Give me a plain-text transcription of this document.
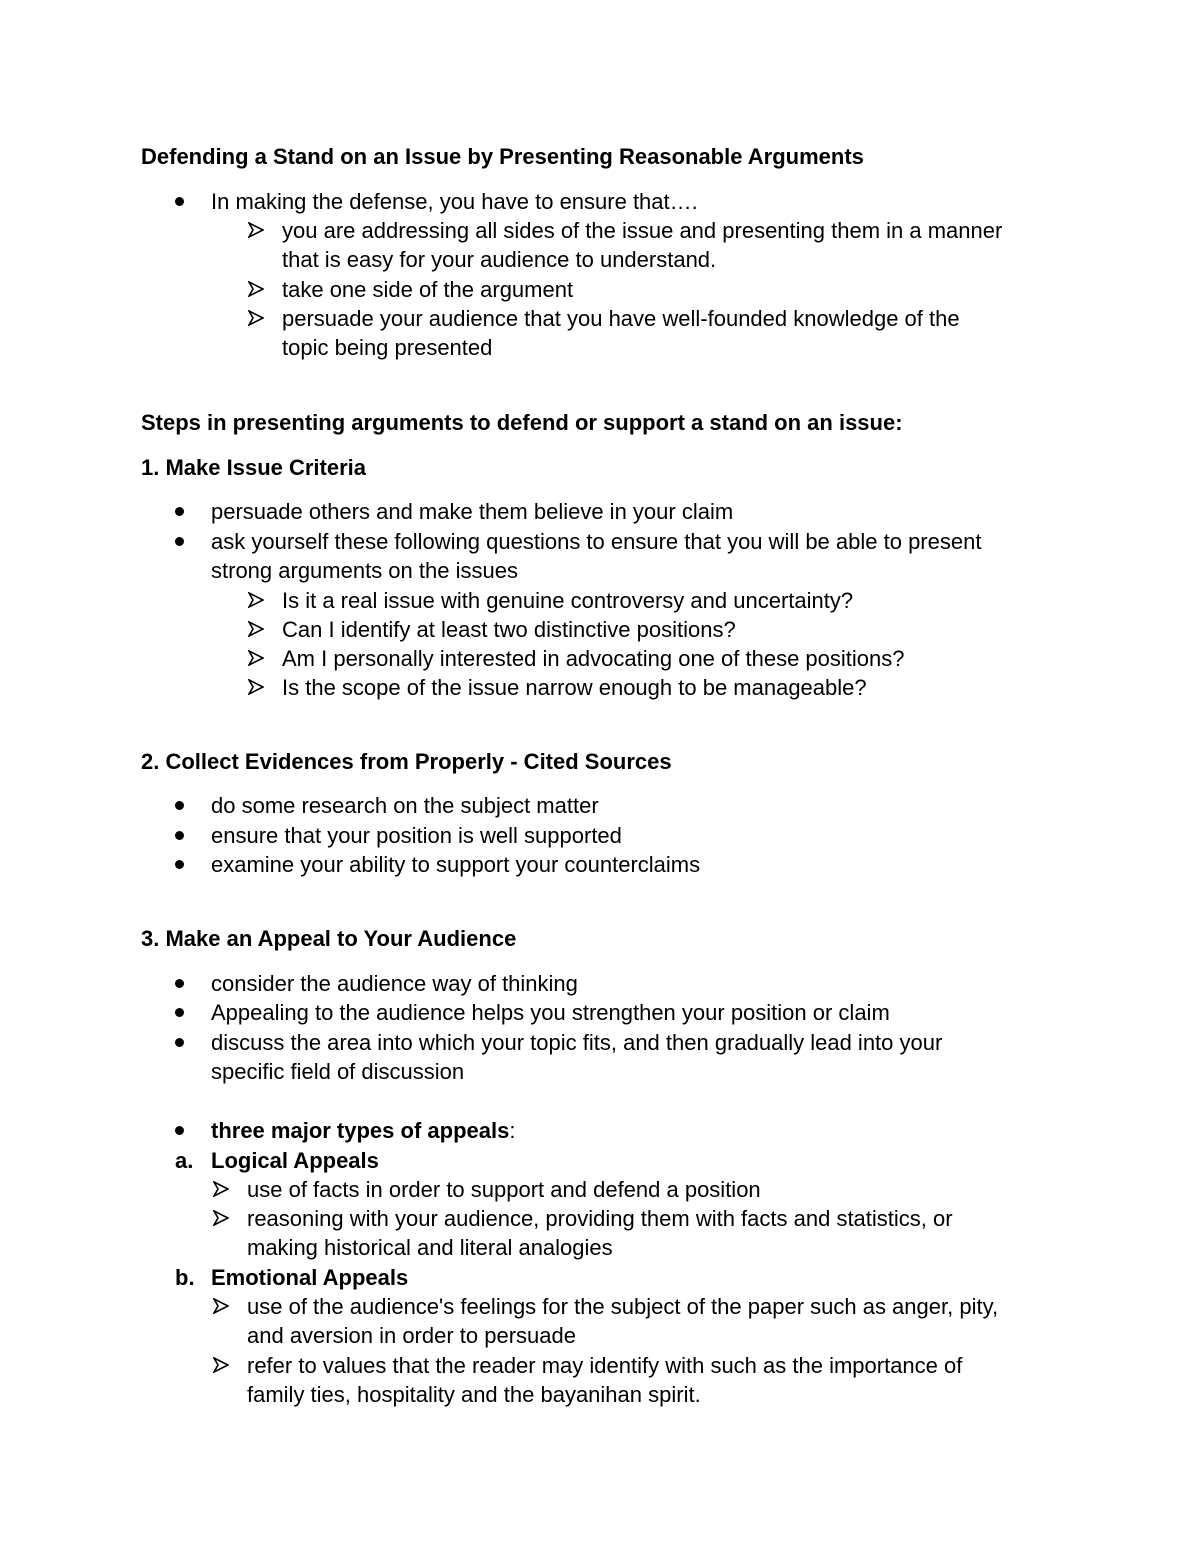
Defending a Stand on an Issue by Presenting Reasonable Arguments
In making the defense, you have to ensure that….
you are addressing all sides of the issue and presenting them in a manner
that is easy for your audience to understand.
take one side of the argument
persuade your audience that you have well-founded knowledge of the
topic being presented
Steps in presenting arguments to defend or support a stand on an issue:
1. Make Issue Criteria
persuade others and make them believe in your claim
ask yourself these following questions to ensure that you will be able to present
strong arguments on the issues
Is it a real issue with genuine controversy and uncertainty?
Can I identify at least two distinctive positions?
Am I personally interested in advocating one of these positions?
Is the scope of the issue narrow enough to be manageable?
2. Collect Evidences from Properly - Cited Sources
do some research on the subject matter
ensure that your position is well supported
examine your ability to support your counterclaims
3. Make an Appeal to Your Audience
consider the audience way of thinking
Appealing to the audience helps you strengthen your position or claim
discuss the area into which your topic fits, and then gradually lead into your
specific field of discussion
three major types of appeals:
a. Logical Appeals
use of facts in order to support and defend a position
reasoning with your audience, providing them with facts and statistics, or
making historical and literal analogies
b. Emotional Appeals
use of the audience's feelings for the subject of the paper such as anger, pity,
and aversion in order to persuade
refer to values that the reader may identify with such as the importance of
family ties, hospitality and the bayanihan spirit.
